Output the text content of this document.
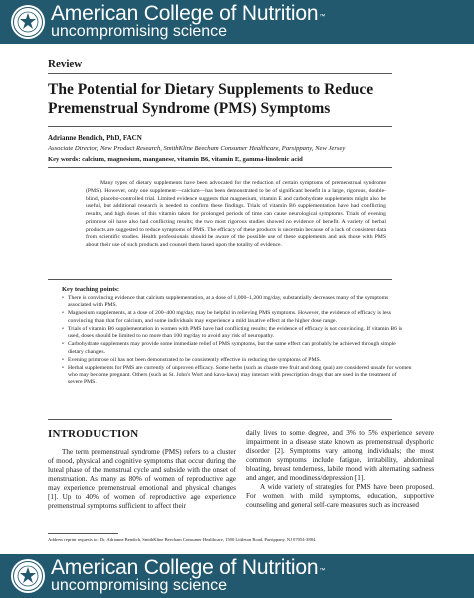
American College of Nutrition™
uncompromising science
Review
The Potential for Dietary Supplements to Reduce Premenstrual Syndrome (PMS) Symptoms
Adrianne Bendich, PhD, FACN
Associate Director, New Product Research, SmithKline Beecham Consumer Healthcare, Parsippany, New Jersey
Key words: calcium, magnesium, manganese, vitamin B6, vitamin E, gamma-linolenic acid
Many types of dietary supplements have been advocated for the reduction of certain symptoms of premenstrual syndrome (PMS). However, only one supplement—calcium—has been demonstrated to be of significant benefit in a large, rigorous, double-blind, placebo-controlled trial. Limited evidence suggests that magnesium, vitamin E and carbohydrate supplements might also be useful, but additional research is needed to confirm these findings. Trials of vitamin B6 supplementation have had conflicting results, and high doses of this vitamin taken for prolonged periods of time can cause neurological symptoms. Trials of evening primrose oil have also had conflicting results; the two most rigorous studies showed no evidence of benefit. A variety of herbal products are suggested to reduce symptoms of PMS. The efficacy of these products is uncertain because of a lack of consistent data from scientific studies. Health professionals should be aware of the possible use of these supplements and ask those with PMS about their use of such products and counsel them based upon the totality of evidence.
Key teaching points:
• There is convincing evidence that calcium supplementation, at a dose of 1,000–1,200 mg/day, substantially decreases many of the symptoms associated with PMS.
• Magnesium supplements, at a dose of 200–400 mg/day, may be helpful in relieving PMS symptoms. However, the evidence of efficacy is less convincing than that for calcium, and some individuals may experience a mild laxative effect at the higher dose range.
• Trials of vitamin B6 supplementation in women with PMS have had conflicting results; the evidence of efficacy is not convincing. If vitamin B6 is used, doses should be limited to no more than 100 mg/day to avoid any risk of neuropathy.
• Carbohydrate supplements may provide some immediate relief of PMS symptoms, but the same effect can probably be achieved through simple dietary changes.
• Evening primrose oil has not been demonstrated to be consistently effective in reducing the symptoms of PMS.
• Herbal supplements for PMS are currently of unproven efficacy. Some herbs (such as chaste tree fruit and dong quai) are considered unsafe for women who may become pregnant. Others (such as St. John's Wort and kava-kava) may interact with prescription drugs that are used in the treatment of severe PMS.
INTRODUCTION
The term premenstrual syndrome (PMS) refers to a cluster of mood, physical and cognitive symptoms that occur during the luteal phase of the menstrual cycle and subside with the onset of menstruation. As many as 80% of women of reproductive age may experience premenstrual emotional and physical changes [1]. Up to 40% of women of reproductive age experience premenstrual symptoms sufficient to affect their

daily lives to some degree, and 3% to 5% experience severe impairment in a disease state known as premenstrual dysphoric disorder [2]. Symptoms vary among individuals; the most common symptoms include fatigue, irritability, abdominal bloating, breast tenderness, labile mood with alternating sadness and anger, and moodiness/depression [1].

A wide variety of strategies for PMS have been proposed. For women with mild symptoms, education, supportive counseling and general self-care measures such as increased

Address reprint requests to: Dr. Adrianne Bendich, SmithKline Beecham Consumer Healthcare, 1500 Littleton Road, Parsippany, NJ 07054-3884.
American College of Nutrition™
uncompromising science
